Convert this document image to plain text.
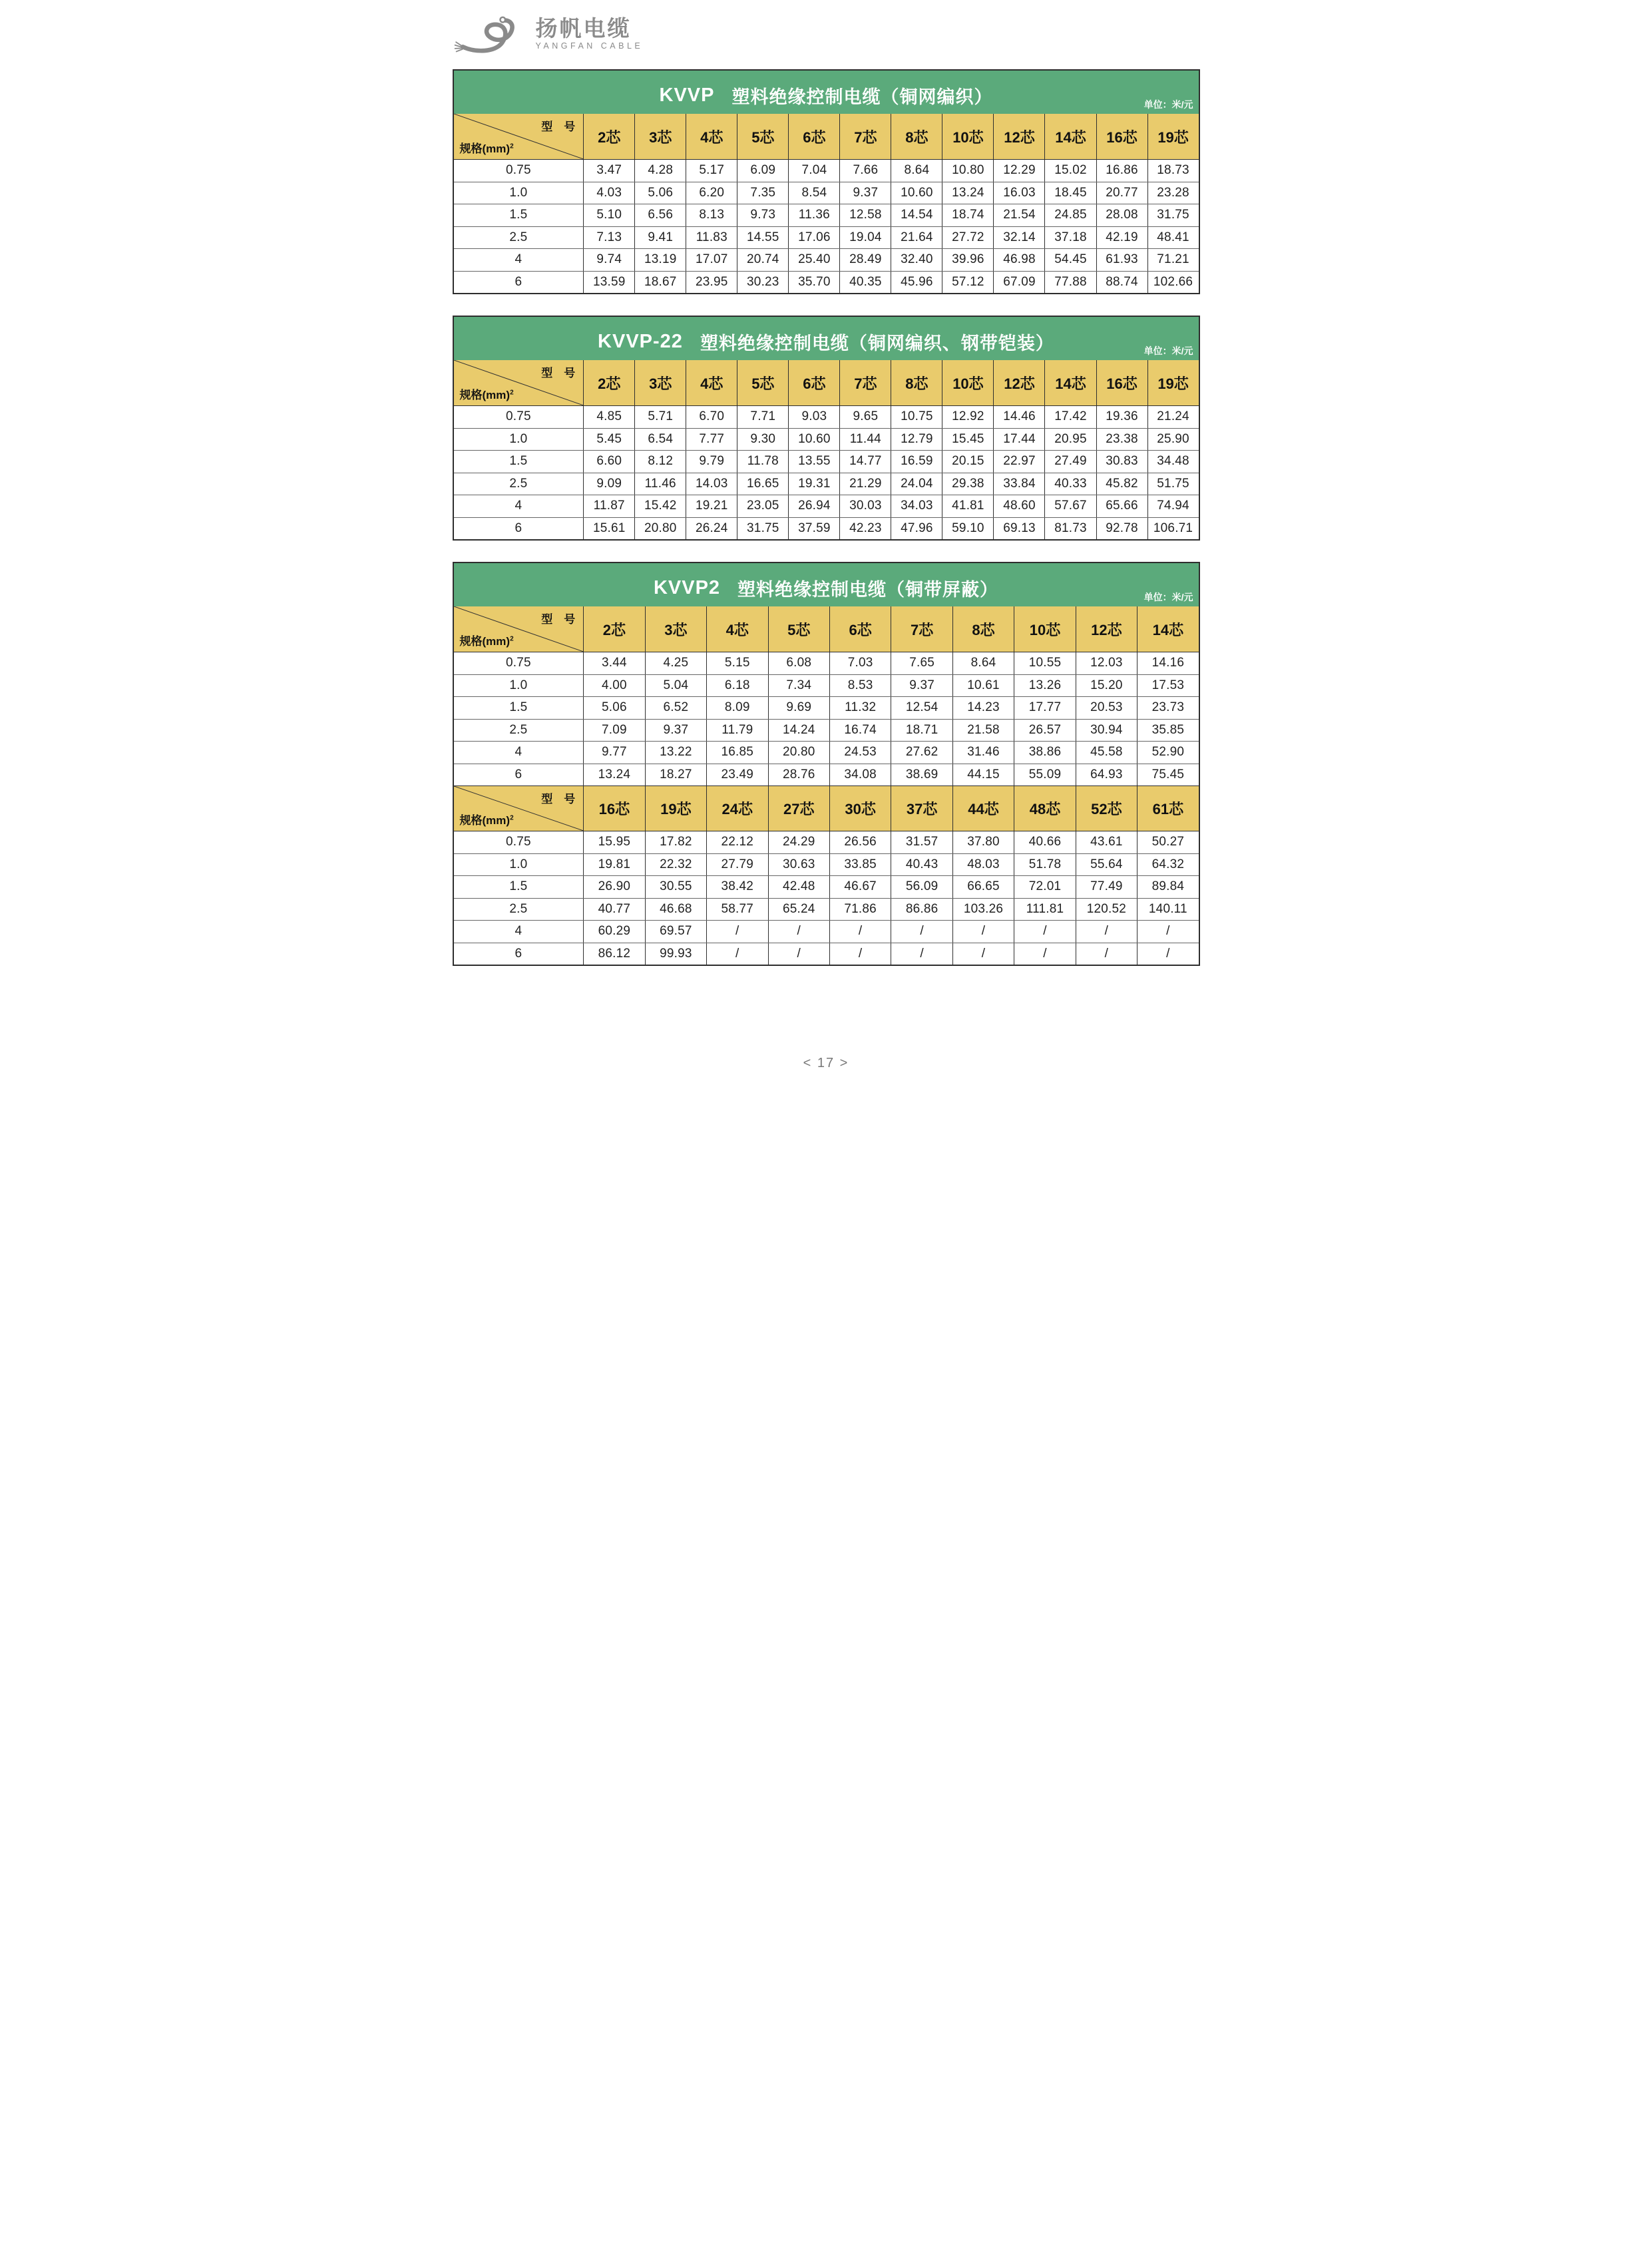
扬帆电缆
YANGFAN CABLE
KVVP 塑料绝缘控制电缆（铜网编织）	单位：米/元
型　号
规格(mm)$^2$
2芯	3芯	4芯	5芯	6芯	7芯	8芯	10芯	12芯	14芯	16芯	19芯
0.75	3.47	4.28	5.17	6.09	7.04	7.66	8.64	10.80	12.29	15.02	16.86	18.73
1.0	4.03	5.06	6.20	7.35	8.54	9.37	10.60	13.24	16.03	18.45	20.77	23.28
1.5	5.10	6.56	8.13	9.73	11.36	12.58	14.54	18.74	21.54	24.85	28.08	31.75
2.5	7.13	9.41	11.83	14.55	17.06	19.04	21.64	27.72	32.14	37.18	42.19	48.41
4	9.74	13.19	17.07	20.74	25.40	28.49	32.40	39.96	46.98	54.45	61.93	71.21
6	13.59	18.67	23.95	30.23	35.70	40.35	45.96	57.12	67.09	77.88	88.74	102.66
KVVP-22 塑料绝缘控制电缆（铜网编织、钢带铠装）	单位：米/元
型　号
规格(mm)$^2$
2芯	3芯	4芯	5芯	6芯	7芯	8芯	10芯	12芯	14芯	16芯	19芯
0.75	4.85	5.71	6.70	7.71	9.03	9.65	10.75	12.92	14.46	17.42	19.36	21.24
1.0	5.45	6.54	7.77	9.30	10.60	11.44	12.79	15.45	17.44	20.95	23.38	25.90
1.5	6.60	8.12	9.79	11.78	13.55	14.77	16.59	20.15	22.97	27.49	30.83	34.48
2.5	9.09	11.46	14.03	16.65	19.31	21.29	24.04	29.38	33.84	40.33	45.82	51.75
4	11.87	15.42	19.21	23.05	26.94	30.03	34.03	41.81	48.60	57.67	65.66	74.94
6	15.61	20.80	26.24	31.75	37.59	42.23	47.96	59.10	69.13	81.73	92.78	106.71
KVVP2 塑料绝缘控制电缆（铜带屏蔽）	单位：米/元
型　号
规格(mm)$^2$
2芯	3芯	4芯	5芯	6芯	7芯	8芯	10芯	12芯	14芯
0.75	3.44	4.25	5.15	6.08	7.03	7.65	8.64	10.55	12.03	14.16
1.0	4.00	5.04	6.18	7.34	8.53	9.37	10.61	13.26	15.20	17.53
1.5	5.06	6.52	8.09	9.69	11.32	12.54	14.23	17.77	20.53	23.73
2.5	7.09	9.37	11.79	14.24	16.74	18.71	21.58	26.57	30.94	35.85
4	9.77	13.22	16.85	20.80	24.53	27.62	31.46	38.86	45.58	52.90
6	13.24	18.27	23.49	28.76	34.08	38.69	44.15	55.09	64.93	75.45
型　号
规格(mm)$^2$
16芯	19芯	24芯	27芯	30芯	37芯	44芯	48芯	52芯	61芯
0.75	15.95	17.82	22.12	24.29	26.56	31.57	37.80	40.66	43.61	50.27
1.0	19.81	22.32	27.79	30.63	33.85	40.43	48.03	51.78	55.64	64.32
1.5	26.90	30.55	38.42	42.48	46.67	56.09	66.65	72.01	77.49	89.84
2.5	40.77	46.68	58.77	65.24	71.86	86.86	103.26	111.81	120.52	140.11
4	60.29	69.57	/	/	/	/	/	/	/	/
6	86.12	99.93	/	/	/	/	/	/	/	/
< 17 >
